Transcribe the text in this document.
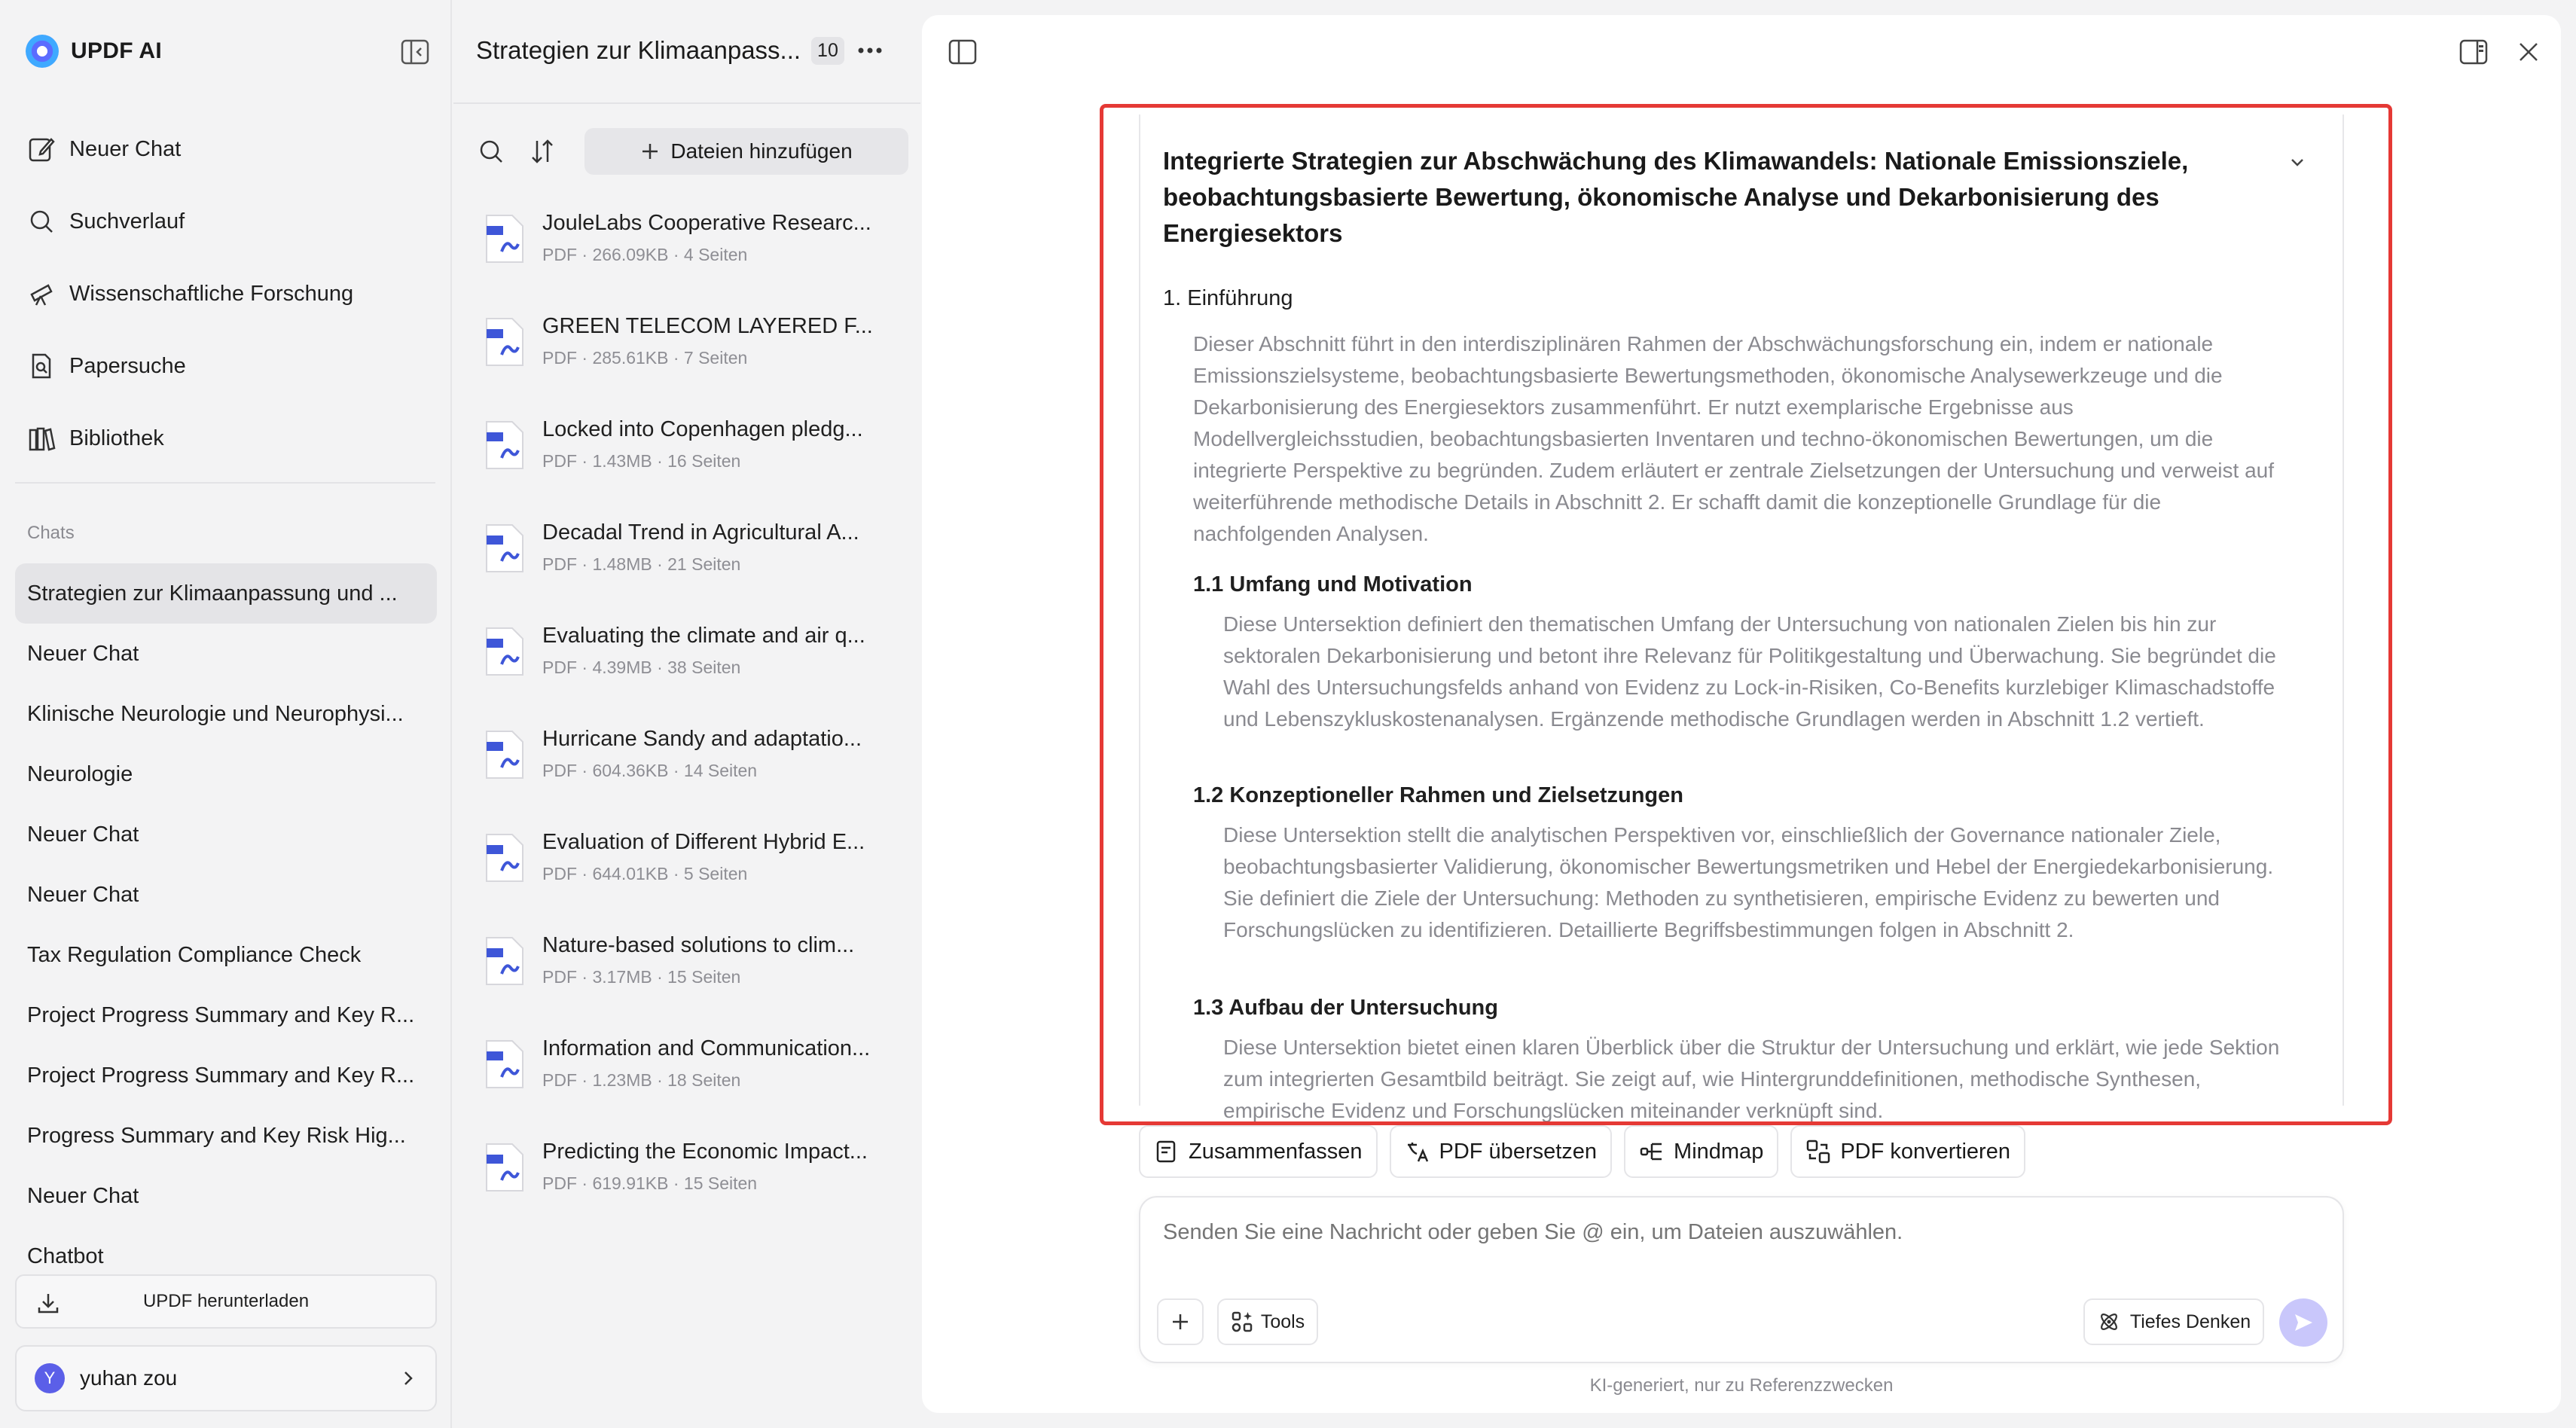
UPDF AI
Neuer Chat
Suchverlauf
Wissenschaftliche Forschung
Papersuche
Bibliothek
Chats
Strategien zur Klimaanpassung und ...
Neuer Chat
Klinische Neurologie und Neurophysi...
Neurologie
Neuer Chat
Neuer Chat
Tax Regulation Compliance Check
Project Progress Summary and Key R...
Project Progress Summary and Key R...
Progress Summary and Key Risk Hig...
Neuer Chat
Chatbot
UPDF herunterladen
Y	yuhan zou
Strategien zur Klimaanpass... 10
Dateien hinzufügen
JouleLabs Cooperative Researc...
PDF · 266.09KB · 4 Seiten
GREEN TELECOM LAYERED F...
PDF · 285.61KB · 7 Seiten
Locked into Copenhagen pledg...
PDF · 1.43MB · 16 Seiten
Decadal Trend in Agricultural A...
PDF · 1.48MB · 21 Seiten
Evaluating the climate and air q...
PDF · 4.39MB · 38 Seiten
Hurricane Sandy and adaptatio...
PDF · 604.36KB · 14 Seiten
Evaluation of Different Hybrid E...
PDF · 644.01KB · 5 Seiten
Nature-based solutions to clim...
PDF · 3.17MB · 15 Seiten
Information and Communication...
PDF · 1.23MB · 18 Seiten
Predicting the Economic Impact...
PDF · 619.91KB · 15 Seiten
Integrierte Strategien zur Abschwächung des Klimawandels: Nationale Emissionsziele, beobachtungsbasierte Bewertung, ökonomische Analyse und Dekarbonisierung des Energiesektors
1. Einführung
Dieser Abschnitt führt in den interdisziplinären Rahmen der Abschwächungsforschung ein, indem er nationale Emissionszielsysteme, beobachtungsbasierte Bewertungsmethoden, ökonomische Analysewerkzeuge und die Dekarbonisierung des Energiesektors zusammenführt. Er nutzt exemplarische Ergebnisse aus Modellvergleichsstudien, beobachtungsbasierten Inventaren und techno-ökonomischen Bewertungen, um die integrierte Perspektive zu begründen. Zudem erläutert er zentrale Zielsetzungen der Untersuchung und verweist auf weiterführende methodische Details in Abschnitt 2. Er schafft damit die konzeptionelle Grundlage für die nachfolgenden Analysen.
1.1 Umfang und Motivation
Diese Untersektion definiert den thematischen Umfang der Untersuchung von nationalen Zielen bis hin zur sektoralen Dekarbonisierung und betont ihre Relevanz für Politikgestaltung und Überwachung. Sie begründet die Wahl des Untersuchungsfelds anhand von Evidenz zu Lock-in-Risiken, Co-Benefits kurzlebiger Klimaschadstoffe und Lebenszykluskostenanalysen. Ergänzende methodische Grundlagen werden in Abschnitt 1.2 vertieft.
1.2 Konzeptioneller Rahmen und Zielsetzungen
Diese Untersektion stellt die analytischen Perspektiven vor, einschließlich der Governance nationaler Ziele, beobachtungsbasierter Validierung, ökonomischer Bewertungsmetriken und Hebel der Energiedekarbonisierung. Sie definiert die Ziele der Untersuchung: Methoden zu synthetisieren, empirische Evidenz zu bewerten und Forschungslücken zu identifizieren. Detaillierte Begriffsbestimmungen folgen in Abschnitt 2.
1.3 Aufbau der Untersuchung
Diese Untersektion bietet einen klaren Überblick über die Struktur der Untersuchung und erklärt, wie jede Sektion zum integrierten Gesamtbild beiträgt. Sie zeigt auf, wie Hintergrunddefinitionen, methodische Synthesen, empirische Evidenz und Forschungslücken miteinander verknüpft sind.
Zusammenfassen	PDF übersetzen	Mindmap	PDF konvertieren
Senden Sie eine Nachricht oder geben Sie @ ein, um Dateien auszuwählen.
Tools	Tiefes Denken
KI-generiert, nur zu Referenzzwecken
